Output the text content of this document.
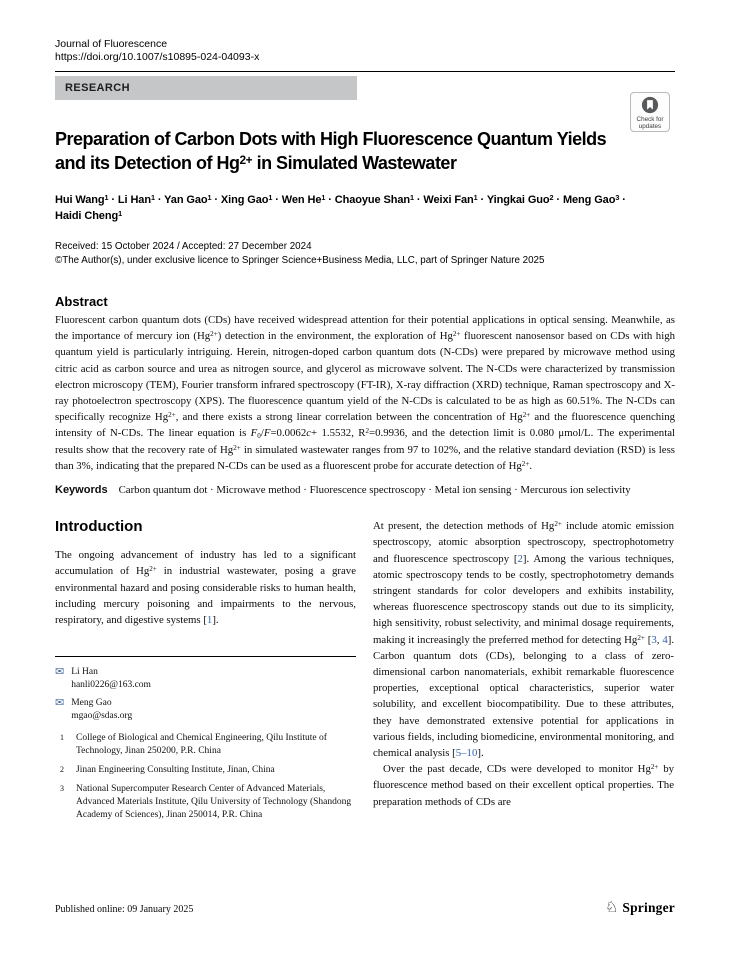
Check for updates
Journal of Fluorescence
https://doi.org/10.1007/s10895-024-04093-x
RESEARCH
Preparation of Carbon Dots with High Fluorescence Quantum Yields
and its Detection of $Hg^{2+}$ in Simulated Wastewater
Hui Wang$^1$ · Li Han$^1$ · Yan Gao$^1$ · Xing Gao$^1$ · Wen $He^1$ · Chaoyue Shan$^1$ · Weixi Fan$^1$ · Yingkai Guo$^2$ · Meng Gao$^3$ ·
Haidi Cheng$^1$
Received: 15 October 2024 / Accepted: 27 December 2024
©The Author(s), under exclusive licence to Springer Science+Business Media, LLC, part of Springer Nature 2025
Abstract

Fluorescent carbon quantum dots (CDs) have received widespread attention for their potential applications in optical sensing. Meanwhile, as the importance of mercury ion $(Hg^{2+})$ detection in the environment, the exploration of $Hg^{2+}$ fluorescent nanosensor based on CDs with high quantum yield is particularly intriguing. Herein, nitrogen-doped carbon quantum dots (N-CDs) were prepared by microwave method using citric acid as carbon source and urea as nitrogen source, and glycerol as microwave solvent. The N-CDs were characterized by transmission electron microscopy (TEM), Fourier transform infrared spectroscopy (FT-IR), X-ray diffraction (XRD) technique, Raman spectroscopy and X-ray photoelectron spectroscopy (XPS). The fluorescence quantum yield of the N-CDs is calculated to be as high as 60.51%. The N-CDs can specifically recognize $Hg^{2+}$, and there exists a strong linear correlation between the concentration of $Hg^{2+}$ and the fluorescence quenching intensity of N-CDs. The linear equation is $F_0/F=0.0062c+ 1.5532$, $R^2=0.9936$, and the detection limit is 0.080 μmol/L. The experimental results show that the recovery rate of $Hg^{2+}$ in simulated wastewater ranges from 97 to 102%, and the relative standard deviation (RSD) is less than 3%, indicating that the prepared N-CDs can be used as a fluorescent probe for accurate detection of $Hg^{2+}$.

Keywords Carbon quantum dot · Microwave method · Fluorescence spectroscopy · Metal ion sensing · Mercurous ion selectivity

Introduction

The ongoing advancement of industry has led to a significant accumulation of $Hg^{2+}$ in industrial wastewater, posing a grave environmental hazard and posing considerable risks to human health, including mercury poisoning and impairments to the nervous, respiratory, and digestive systems [1].

✉ Li Han
hanli0226@163.com
✉ Meng Gao
mgao@sdas.org
1 College of Biological and Chemical Engineering, Qilu Institute of Technology, Jinan 250200, P.R. China
2 Jinan Engineering Consulting Institute, Jinan, China
3 National Supercomputer Research Center of Advanced Materials, Advanced Materials Institute, Qilu University of Technology (Shandong Academy of Sciences), Jinan 250014, P.R. China

At present, the detection methods of $Hg^{2+}$ include atomic emission spectroscopy, atomic absorption spectroscopy, spectrophotometry and fluorescence spectroscopy [2]. Among the various techniques, atomic spectroscopy tends to be costly, spectrophotometry demands stringent standards for color developers and exhibits instability, whereas fluorescence spectroscopy stands out due to its simplicity, high sensitivity, robust selectivity, and minimal dosage requirements, making it increasingly the preferred method for detecting $Hg^{2+}$ [3, 4]. Carbon quantum dots (CDs), belonging to a class of zero-dimensional carbon nanomaterials, exhibit remarkable fluorescence properties, exceptional optical characteristics, superior water solubility, and excellent biocompatibility. Due to these attributes, they have demonstrated extensive potential for applications in various fields, including biomedicine, environmental monitoring, and chemical analysis [5–10].

Over the past decade, CDs were developed to monitor $Hg^{2+}$ by fluorescence method based on their excellent optical properties. The preparation methods of CDs are

Published online: 09 January 2025	♘ Springer
